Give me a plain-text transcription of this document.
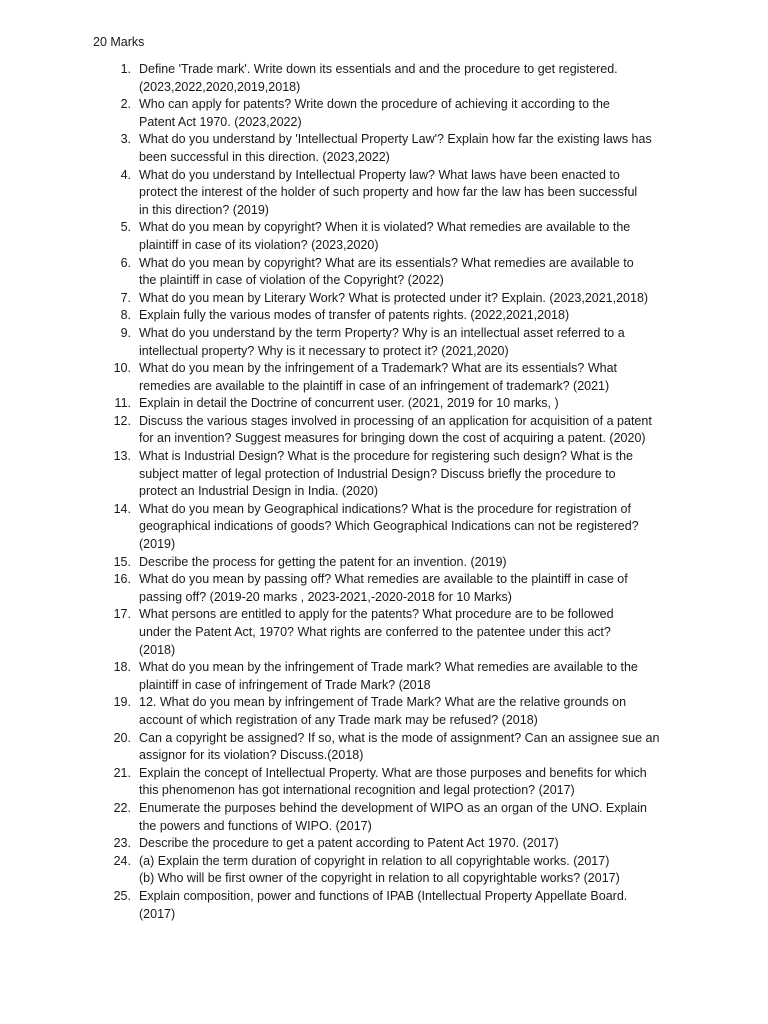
20 Marks
1. Define 'Trade mark'. Write down its essentials and and the procedure to get registered.
(2023,2022,2020,2019,2018)
2. Who can apply for patents? Write down the procedure of achieving it according to the
Patent Act 1970. (2023,2022)
3. What do you understand by 'Intellectual Property Law'? Explain how far the existing laws has
been successful in this direction. (2023,2022)
4. What do you understand by Intellectual Property law? What laws have been enacted to
protect the interest of the holder of such property and how far the law has been successful
in this direction? (2019)
5. What do you mean by copyright? When it is violated? What remedies are available to the
plaintiff in case of its violation? (2023,2020)
6. What do you mean by copyright? What are its essentials? What remedies are available to
the plaintiff in case of violation of the Copyright? (2022)
7. What do you mean by Literary Work? What is protected under it? Explain. (2023,2021,2018)
8. Explain fully the various modes of transfer of patents rights. (2022,2021,2018)
9. What do you understand by the term Property? Why is an intellectual asset referred to a
intellectual property? Why is it necessary to protect it? (2021,2020)
10. What do you mean by the infringement of a Trademark? What are its essentials? What
remedies are available to the plaintiff in case of an infringement of trademark? (2021)
11. Explain in detail the Doctrine of concurrent user. (2021, 2019 for 10 marks, )
12. Discuss the various stages involved in processing of an application for acquisition of a patent
for an invention? Suggest measures for bringing down the cost of acquiring a patent. (2020)
13. What is Industrial Design? What is the procedure for registering such design? What is the
subject matter of legal protection of Industrial Design? Discuss briefly the procedure to
protect an Industrial Design in India. (2020)
14. What do you mean by Geographical indications? What is the procedure for registration of
geographical indications of goods? Which Geographical Indications can not be registered?
(2019)
15. Describe the process for getting the patent for an invention. (2019)
16. What do you mean by passing off? What remedies are available to the plaintiff in case of
passing off? (2019-20 marks , 2023-2021,-2020-2018 for 10 Marks)
17. What persons are entitled to apply for the patents? What procedure are to be followed
under the Patent Act, 1970? What rights are conferred to the patentee under this act?
(2018)
18. What do you mean by the infringement of Trade mark? What remedies are available to the
plaintiff in case of infringement of Trade Mark? (2018
19. 12. What do you mean by infringement of Trade Mark? What are the relative grounds on
account of which registration of any Trade mark may be refused? (2018)
20. Can a copyright be assigned? If so, what is the mode of assignment? Can an assignee sue an
assignor for its violation? Discuss.(2018)
21. Explain the concept of Intellectual Property. What are those purposes and benefits for which
this phenomenon has got international recognition and legal protection? (2017)
22. Enumerate the purposes behind the development of WIPO as an organ of the UNO. Explain
the powers and functions of WIPO. (2017)
23. Describe the procedure to get a patent according to Patent Act 1970. (2017)
24. (a) Explain the term duration of copyright in relation to all copyrightable works. (2017)
(b) Who will be first owner of the copyright in relation to all copyrightable works? (2017)
25. Explain composition, power and functions of IPAB (Intellectual Property Appellate Board.
(2017)
